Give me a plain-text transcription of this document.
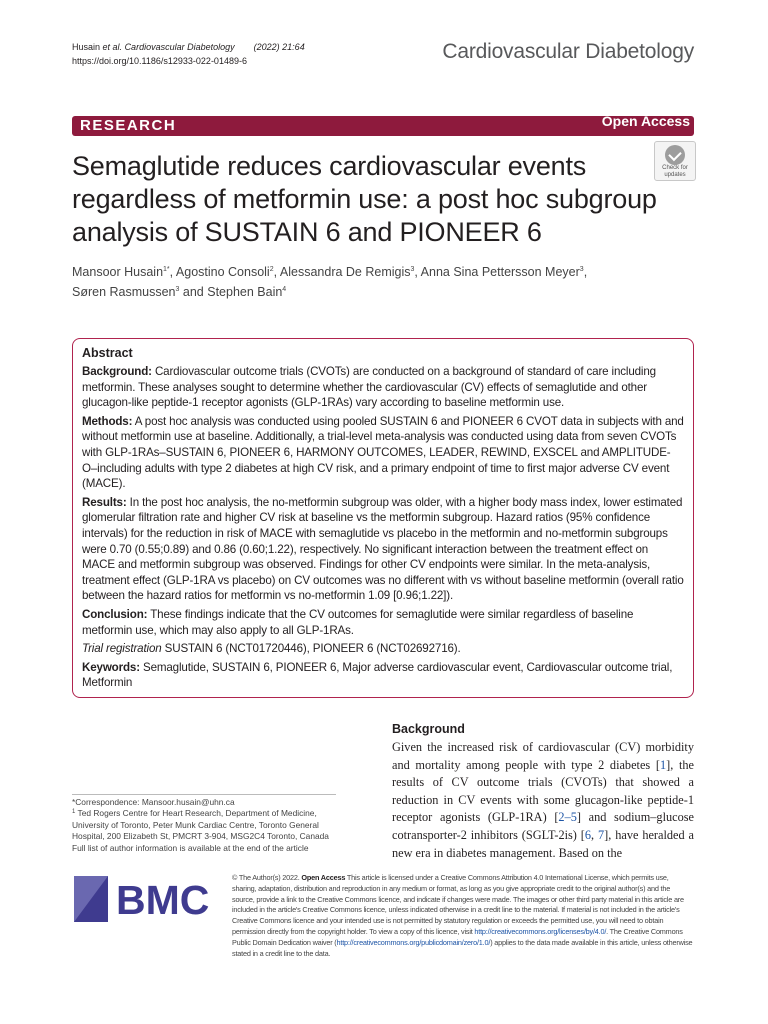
Husain et al. Cardiovascular Diabetology (2022) 21:64
https://doi.org/10.1186/s12933-022-01489-6	Cardiovascular Diabetology
RESEARCH	Open Access
Semaglutide reduces cardiovascular events regardless of metformin use: a post hoc subgroup analysis of SUSTAIN 6 and PIONEER 6
Check for
updates
Mansoor Husain$^{1*}$, Agostino Consoli$^2$, Alessandra De Remigis$^3$, Anna Sina Pettersson Meyer$^3$,
Søren Rasmussen$^3$ and Stephen Bain$^4$
Abstract

Background: Cardiovascular outcome trials (CVOTs) are conducted on a background of standard of care including metformin. These analyses sought to determine whether the cardiovascular (CV) effects of semaglutide and other glucagon-like peptide-1 receptor agonists (GLP-1RAs) vary according to baseline metformin use.

Methods: A post hoc analysis was conducted using pooled SUSTAIN 6 and PIONEER 6 CVOT data in subjects with and without metformin use at baseline. Additionally, a trial-level meta-analysis was conducted using data from seven CVOTs with GLP-1RAs–SUSTAIN 6, PIONEER 6, HARMONY OUTCOMES, LEADER, REWIND, EXSCEL and AMPLITUDE-O–including adults with type 2 diabetes at high CV risk, and a primary endpoint of time to first major adverse CV event (MACE).

Results: In the post hoc analysis, the no-metformin subgroup was older, with a higher body mass index, lower estimated glomerular filtration rate and higher CV risk at baseline vs the metformin subgroup. Hazard ratios (95% confidence intervals) for the reduction in risk of MACE with semaglutide vs placebo in the metformin and no-metformin subgroups were 0.70 (0.55;0.89) and 0.86 (0.60;1.22), respectively. No significant interaction between the treatment effect on MACE and metformin subgroup was observed. Findings for other CV endpoints were similar. In the meta-analysis, treatment effect (GLP-1RA vs placebo) on CV outcomes was no different with vs without baseline metformin (overall ratio between the hazard ratios for metformin vs no-metformin 1.09 [0.96;1.22]).

Conclusion: These findings indicate that the CV outcomes for semaglutide were similar regardless of baseline metformin use, which may also apply to all GLP-1RAs.

Trial registration SUSTAIN 6 (NCT01720446), PIONEER 6 (NCT02692716).

Keywords: Semaglutide, SUSTAIN 6, PIONEER 6, Major adverse cardiovascular event, Cardiovascular outcome trial, Metformin

*Correspondence: Mansoor.husain@uhn.ca
$^1$ Ted Rogers Centre for Heart Research, Department of Medicine, University of Toronto, Peter Munk Cardiac Centre, Toronto General Hospital, 200 Elizabeth St, PMCRT 3-904, MSG2C4 Toronto, Canada
Full list of author information is available at the end of the article
Background
Given the increased risk of cardiovascular (CV) morbidity and mortality among people with type 2 diabetes [1], the results of CV outcome trials (CVOTs) that showed a reduction in CV events with some glucagon-like peptide-1 receptor agonists (GLP-1RA) [2–5] and sodium–glucose cotransporter-2 inhibitors (SGLT-2is) [6, 7], have heralded a new era in diabetes management. Based on the
BMC	© The Author(s) 2022. Open Access This article is licensed under a Creative Commons Attribution 4.0 International License, which permits use, sharing, adaptation, distribution and reproduction in any medium or format, as long as you give appropriate credit to the original author(s) and the source, provide a link to the Creative Commons licence, and indicate if changes were made. The images or other third party material in this article are included in the article's Creative Commons licence, unless indicated otherwise in a credit line to the material. If material is not included in the article's Creative Commons licence and your intended use is not permitted by statutory regulation or exceeds the permitted use, you will need to obtain permission directly from the copyright holder. To view a copy of this licence, visit http://creativecommons.org/licenses/by/4.0/. The Creative Commons Public Domain Dedication waiver (http://creativecommons.org/publicdomain/zero/1.0/) applies to the data made available in this article, unless otherwise stated in a credit line to the data.
